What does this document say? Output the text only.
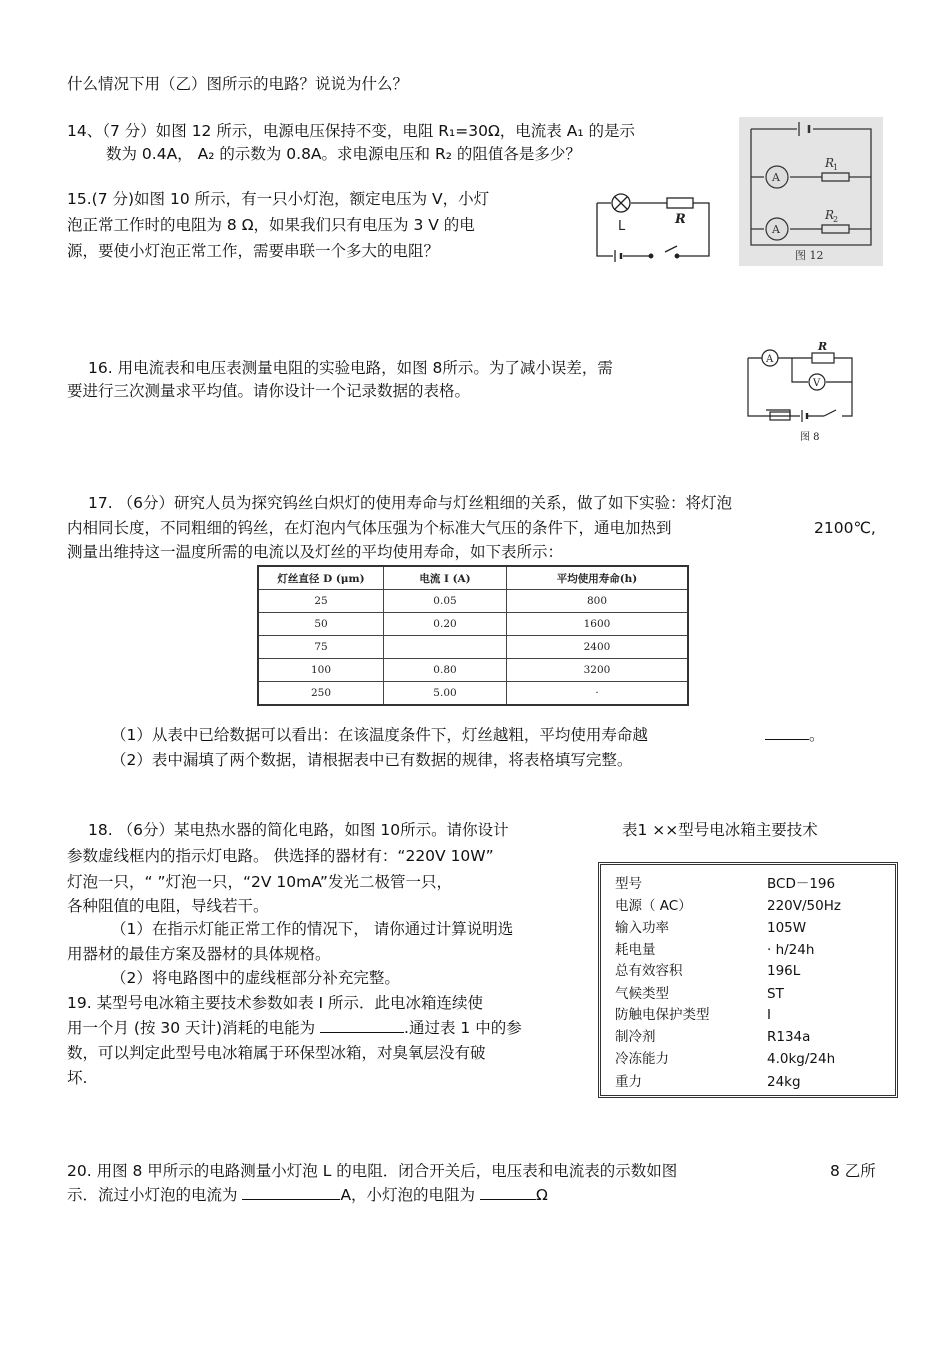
什么情况下用（乙）图所示的电路？说说为什么？
14、（7 分）如图 12 所示，电源电压保持不变，电阻 R₁=30Ω，电流表 A₁ 的是示
数为 0.4A， A₂ 的示数为 0.8A。求电源电压和 R₂ 的阻值各是多少？
A
A
R
1
R
2
图 12
15.(7 分)如图 10 所示，有一只小灯泡，额定电压为 V，小灯
泡正常工作时的电阻为 8 Ω，如果我们只有电压为 3 V 的电
源，要使小灯泡正常工作，需要串联一个多大的电阻？
L	R
16. 用电流表和电压表测量电阻的实验电路，如图 8所示。为了减小误差，需
要进行三次测量求平均值。请你设计一个记录数据的表格。
A
V
R
图 8
17. （6分）研究人员为探究钨丝白炽灯的使用寿命与灯丝粗细的关系，做了如下实验：将灯泡
内相同长度，不同粗细的钨丝，在灯泡内气体压强为个标准大气压的条件下，通电加热到	2100℃,
测量出维持这一温度所需的电流以及灯丝的平均使用寿命，如下表所示：
灯丝直径 D (μm)	电流 I (A)	平均使用寿命(h)
25	0.05	800
50	0.20	1600
75		2400
100	0.80	3200
250	5.00	·
（1）从表中已给数据可以看出：在该温度条件下，灯丝越粗，平均使用寿命越	。
（2）表中漏填了两个数据，请根据表中已有数据的规律，将表格填写完整。
18. （6分）某电热水器的简化电路，如图 10所示。请你设计
参数虚线框内的指示灯电路。 供选择的器材有：“220V 10W”
灯泡一只，“ ”灯泡一只，“2V 10mA”发光二极管一只，
各种阻值的电阻，导线若干。
（1）在指示灯能正常工作的情况下， 请你通过计算说明选
用器材的最佳方案及器材的具体规格。
（2）将电路图中的虚线框部分补充完整。
19. 某型号电冰箱主要技术参数如表 I 所示．此电冰箱连续使
用一个月 (按 30 天计)消耗的电能为	.通过表 1 中的参
数，可以判定此型号电冰箱属于环保型冰箱，对臭氧层没有破
坏.
表1 ××型号电冰箱主要技术
型号	BCD－196
电源（ AC）	220V/50Hz
输入功率	105W
耗电量	· h/24h
总有效容积	196L
气候类型	ST
防触电保护类型	I
制冷剂	R134a
冷冻能力	4.0kg/24h
重力	24kg
20. 用图 8 甲所示的电路测量小灯泡 L 的电阻．闭合开关后，电压表和电流表的示数如图	8 乙所
示．流过小灯泡的电流为	A，小灯泡的电阻为	Ω
